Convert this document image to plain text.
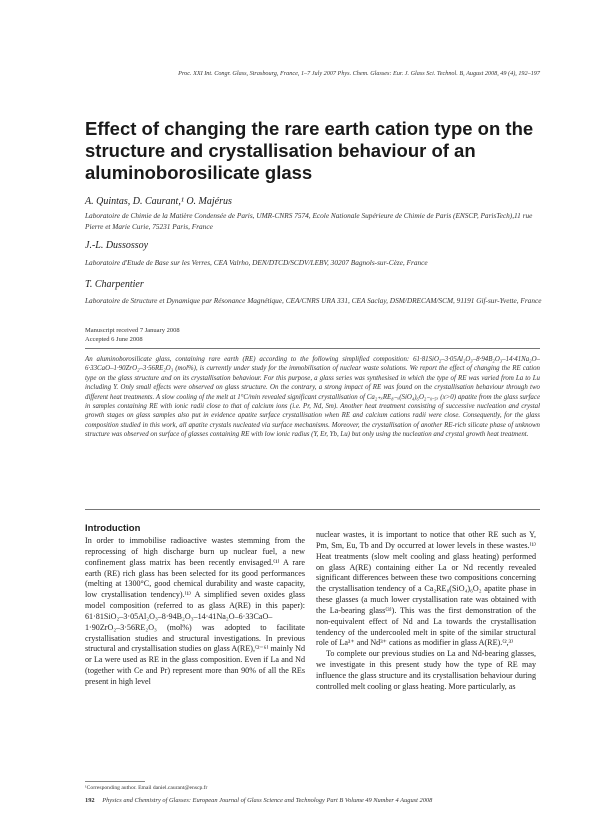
Proc. XXI Int. Congr. Glass, Strasbourg, France, 1–7 July 2007 Phys. Chem. Glasses: Eur. J. Glass Sci. Technol. B, August 2008, 49 (4), 192–197
Effect of changing the rare earth cation type on the structure and crystallisation behaviour of an aluminoborosilicate glass
A. Quintas, D. Caurant,¹ O. Majérus
Laboratoire de Chimie de la Matière Condensée de Paris, UMR-CNRS 7574, Ecole Nationale Supérieure de Chimie de Paris (ENSCP, ParisTech),11 rue Pierre et Marie Curie, 75231 Paris, France
J.-L. Dussossoy
Laboratoire d'Etude de Base sur les Verres, CEA Valrho, DEN/DTCD/SCDV/LEBV, 30207 Bagnols-sur-Cèze, France
T. Charpentier
Laboratoire de Structure et Dynamique par Résonance Magnétique, CEA/CNRS URA 331, CEA Saclay, DSM/DRECAM/SCM, 91191 Gif-sur-Yvette, France
Manuscript received 7 January 2008
Accepted 6 June 2008

An aluminoborosilicate glass, containing rare earth (RE) according to the following simplified composition: 61·81SiO₂–3·05Al₂O₃–8·94B₂O₃–14·41Na₂O–6·33CaO–1·90ZrO₂–3·56RE₂O₃ (mol%), is currently under study for the immobilisation of nuclear waste solutions. We report the effect of changing the RE cation type on the glass structure and on its crystallisation behaviour. For this purpose, a glass series was synthesised in which the type of RE was varied from La to Lu including Y. Only small effects were observed on glass structure. On the contrary, a strong impact of RE was found on the crystallisation behaviour through two different heat treatments. A slow cooling of the melt at 1°C/min revealed significant crystallisation of Ca₂₊ₓRE₈₋ₓ(SiO₄)₆O₂₋₀.₅ₓ (x>0) apatite from the glass surface in samples containing RE with ionic radii close to that of calcium ions (i.e. Pr, Nd, Sm). Another heat treatment consisting of successive nucleation and crystal growth stages on glass samples also put in evidence apatite surface crystallisation when RE and calcium cations radii were close. Consequently, for the glass composition studied in this work, all apatite crystals nucleated via surface mechanisms. Moreover, the crystallisation of another RE-rich silicate phase of unknown structure was observed on surface of glasses containing RE with low ionic radius (Y, Er, Yb, Lu) but only using the nucleation and crystal growth heat treatment.

Introduction

In order to immobilise radioactive wastes stemming from the reprocessing of high discharge burn up nuclear fuel, a new confinement glass matrix has been recently envisaged.⁽¹⁾ A rare earth (RE) rich glass has been selected for its good performances (melting at 1300°C, good chemical durability and waste capacity, low crystallisation tendency).⁽¹⁾ A simplified seven oxides glass model composition (referred to as glass A(RE) in this paper): 61·81SiO₂–3·05Al₂O₃–8·94B₂O₃–14·41Na₂O–6·33CaO–1·90ZrO₂–3·56RE₂O₃ (mol%) was adopted to facilitate crystallisation studies and structural investigations. In previous structural and crystallisation studies on glass A(RE),⁽²⁻⁶⁾ mainly Nd or La were used as RE in the glass composition. Even if La and Nd (together with Ce and Pr) represent more than 90% of all the REs present in high level

nuclear wastes, it is important to notice that other RE such as Y, Pm, Sm, Eu, Tb and Dy occurred at lower levels in these wastes.⁽¹⁾ Heat treatments (slow melt cooling and glass heating) performed on glass A(RE) containing either La or Nd recently revealed significant differences between these two compositions concerning the crystallisation tendency of a Ca₂RE₈(SiO₄)₆O₂ apatite phase in these glasses (a much lower crystallisation rate was obtained with the La-bearing glass⁽³⁾). This was the first demonstration of the non-equivalent effect of Nd and La towards the crystallisation tendency of the undercooled melt in spite of the similar structural role of La³⁺ and Nd³⁺ cations as modifier in glass A(RE).⁽²,³⁾

To complete our previous studies on La and Nd-bearing glasses, we investigate in this present study how the type of RE may influence the glass structure and its crystallisation behaviour during controlled melt cooling or glass heating. More particularly, as

¹Corresponding author. Email daniel.caurant@enscp.fr
192 Physics and Chemistry of Glasses: European Journal of Glass Science and Technology Part B Volume 49 Number 4 August 2008
